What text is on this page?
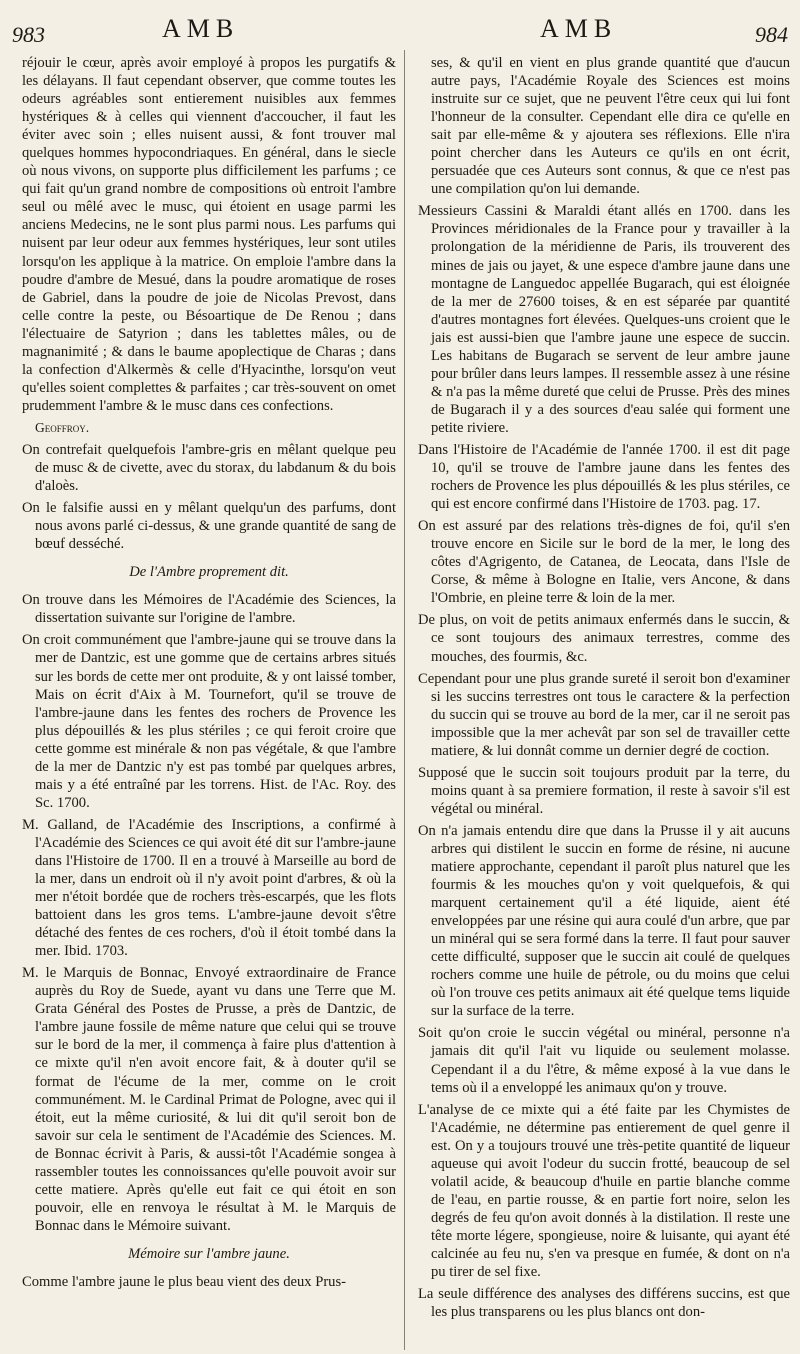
983	AMB	AMB	984

réjouir le cœur, après avoir employé à propos les purgatifs & les délayans. Il faut cependant observer, que comme toutes les odeurs agréables sont entierement nuisibles aux femmes hystériques & à celles qui viennent d'accoucher, il faut les éviter avec soin ; elles nuisent aussi, & font trouver mal quelques hommes hypocondriaques. En général, dans le siecle où nous vivons, on supporte plus difficilement les parfums ; ce qui fait qu'un grand nombre de compositions où entroit l'ambre seul ou mêlé avec le musc, qui étoient en usage parmi les anciens Medecins, ne le sont plus parmi nous. Les parfums qui nuisent par leur odeur aux femmes hystériques, leur sont utiles lorsqu'on les applique à la matrice. On emploie l'ambre dans la poudre d'ambre de Mesué, dans la poudre aromatique de roses de Gabriel, dans la poudre de joie de Nicolas Prevost, dans celle contre la peste, ou Bésoartique de De Renou ; dans l'électuaire de Satyrion ; dans les tablettes mâles, ou de magnanimité ; & dans le baume apoplectique de Charas ; dans la confection d'Alkermès & celle d'Hyacinthe, lorsqu'on veut qu'elles soient complettes & parfaites ; car très-souvent on omet prudemment l'ambre & le musc dans ces confections.

Geoffroy.

On contrefait quelquefois l'ambre-gris en mêlant quelque peu de musc & de civette, avec du storax, du labdanum & du bois d'aloès.

On le falsifie aussi en y mêlant quelqu'un des parfums, dont nous avons parlé ci-dessus, & une grande quantité de sang de bœuf desséché.

De l'Ambre proprement dit.

On trouve dans les Mémoires de l'Académie des Sciences, la dissertation suivante sur l'origine de l'ambre.

On croit communément que l'ambre-jaune qui se trouve dans la mer de Dantzic, est une gomme que de certains arbres situés sur les bords de cette mer ont produite, & y ont laissé tomber, Mais on écrit d'Aix à M. Tournefort, qu'il se trouve de l'ambre-jaune dans les fentes des rochers de Provence les plus dépouillés & les plus stériles ; ce qui feroit croire que cette gomme est minérale & non pas végétale, & que l'ambre de la mer de Dantzic n'y est pas tombé par quelques arbres, mais y a été entraîné par les torrens. Hist. de l'Ac. Roy. des Sc. 1700.

M. Galland, de l'Académie des Inscriptions, a confirmé à l'Académie des Sciences ce qui avoit été dit sur l'ambre-jaune dans l'Histoire de 1700. Il en a trouvé à Marseille au bord de la mer, dans un endroit où il n'y avoit point d'arbres, & où la mer n'étoit bordée que de rochers très-escarpés, que les flots battoient dans les gros tems. L'ambre-jaune devoit s'être détaché des fentes de ces rochers, d'où il étoit tombé dans la mer. Ibid. 1703.

M. le Marquis de Bonnac, Envoyé extraordinaire de France auprès du Roy de Suede, ayant vu dans une Terre que M. Grata Général des Postes de Prusse, a près de Dantzic, de l'ambre jaune fossile de même nature que celui qui se trouve sur le bord de la mer, il commença à faire plus d'attention à ce mixte qu'il n'en avoit encore fait, & à douter qu'il se format de l'écume de la mer, comme on le croit communément. M. le Cardinal Primat de Pologne, avec qui il étoit, eut la même curiosité, & lui dit qu'il seroit bon de savoir sur cela le sentiment de l'Académie des Sciences. M. de Bonnac écrivit à Paris, & aussi-tôt l'Académie songea à rassembler toutes les connoissances qu'elle pouvoit avoir sur cette matiere. Après qu'elle eut fait ce qui étoit en son pouvoir, elle en renvoya le résultat à M. le Marquis de Bonnac dans le Mémoire suivant.

Mémoire sur l'ambre jaune.

Comme l'ambre jaune le plus beau vient des deux Prus-

ses, & qu'il en vient en plus grande quantité que d'aucun autre pays, l'Académie Royale des Sciences est moins instruite sur ce sujet, que ne peuvent l'être ceux qui lui font l'honneur de la consulter. Cependant elle dira ce qu'elle en sait par elle-même & y ajoutera ses réflexions. Elle n'ira point chercher dans les Auteurs ce qu'ils en ont écrit, persuadée que ces Auteurs sont connus, & que ce n'est pas une compilation qu'on lui demande.

Messieurs Cassini & Maraldi étant allés en 1700. dans les Provinces méridionales de la France pour y travailler à la prolongation de la méridienne de Paris, ils trouverent des mines de jais ou jayet, & une espece d'ambre jaune dans une montagne de Languedoc appellée Bugarach, qui est éloignée de la mer de 27600 toises, & en est séparée par quantité d'autres montagnes fort élevées. Quelques-uns croient que le jais est aussi-bien que l'ambre jaune une espece de succin. Les habitans de Bugarach se servent de leur ambre jaune pour brûler dans leurs lampes. Il ressemble assez à une résine & n'a pas la même dureté que celui de Prusse. Près des mines de Bugarach il y a des sources d'eau salée qui forment une petite riviere.

Dans l'Histoire de l'Académie de l'année 1700. il est dit page 10, qu'il se trouve de l'ambre jaune dans les fentes des rochers de Provence les plus dépouillés & les plus stériles, ce qui est encore confirmé dans l'Histoire de 1703. pag. 17.

On est assuré par des relations très-dignes de foi, qu'il s'en trouve encore en Sicile sur le bord de la mer, le long des côtes d'Agrigento, de Catanea, de Leocata, dans l'Isle de Corse, & même à Bologne en Italie, vers Ancone, & dans l'Ombrie, en pleine terre & loin de la mer.

De plus, on voit de petits animaux enfermés dans le succin, & ce sont toujours des animaux terrestres, comme des mouches, des fourmis, &c.

Cependant pour une plus grande sureté il seroit bon d'examiner si les succins terrestres ont tous le caractere & la perfection du succin qui se trouve au bord de la mer, car il ne seroit pas impossible que la mer achevât par son sel de travailler cette matiere, & lui donnât comme un dernier degré de coction.

Supposé que le succin soit toujours produit par la terre, du moins quant à sa premiere formation, il reste à savoir s'il est végétal ou minéral.

On n'a jamais entendu dire que dans la Prusse il y ait aucuns arbres qui distilent le succin en forme de résine, ni aucune matiere approchante, cependant il paroît plus naturel que les fourmis & les mouches qu'on y voit quelquefois, & qui marquent certainement qu'il a été liquide, aient été enveloppées par une résine qui aura coulé d'un arbre, que par un minéral qui se sera formé dans la terre. Il faut pour sauver cette difficulté, supposer que le succin ait coulé de quelques rochers comme une huile de pétrole, ou du moins que celui où l'on trouve ces petits animaux ait été quelque tems liquide sur la surface de la terre.

Soit qu'on croie le succin végétal ou minéral, personne n'a jamais dit qu'il l'ait vu liquide ou seulement molasse. Cependant il a du l'être, & même exposé à la vue dans le tems où il a enveloppé les animaux qu'on y trouve.

L'analyse de ce mixte qui a été faite par les Chymistes de l'Académie, ne détermine pas entierement de quel genre il est. On y a toujours trouvé une très-petite quantité de liqueur aqueuse qui avoit l'odeur du succin frotté, beaucoup de sel volatil acide, & beaucoup d'huile en partie blanche comme de l'eau, en partie rousse, & en partie fort noire, selon les degrés de feu qu'on avoit donnés à la distilation. Il reste une tête morte légere, spongieuse, noire & luisante, qui ayant été calcinée au feu nu, s'en va presque en fumée, & dont on n'a pu tirer de sel fixe.

La seule différence des analyses des différens succins, est que les plus transparens ou les plus blancs ont don-
